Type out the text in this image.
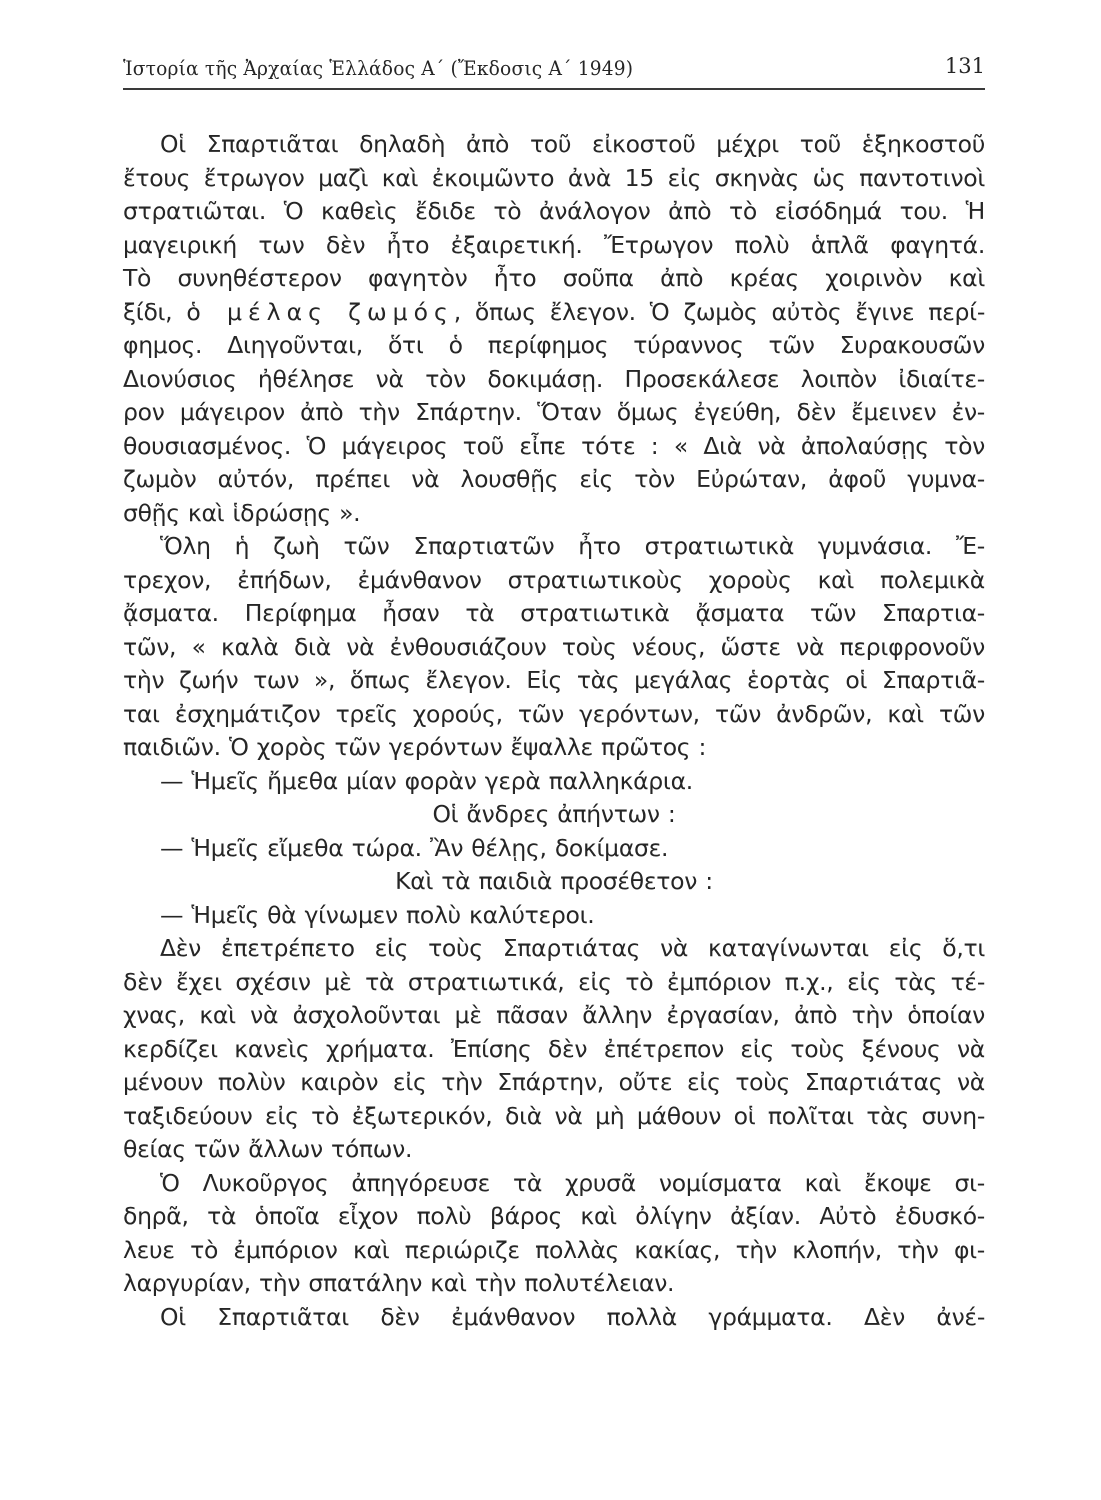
Ἱστορία τῆς Ἀρχαίας Ἑλλάδος Α΄ (Ἔκδοσις Α΄ 1949)	131
Οἱ Σπαρτιᾶται δηλαδὴ ἀπὸ τοῦ εἰκοστοῦ μέχρι τοῦ ἑξηκοστοῦ
ἔτους ἔτρωγον μαζὶ καὶ ἐκοιμῶντο ἀνὰ 15 εἰς σκηνὰς ὡς παντοτινοὶ
στρατιῶται. Ὁ καθεὶς ἔδιδε τὸ ἀνάλογον ἀπὸ τὸ εἰσόδημά του. Ἡ
μαγειρική των δὲν ἦτο ἐξαιρετική. Ἔτρωγον πολὺ ἁπλᾶ φαγητά.
Τὸ συνηθέστερον φαγητὸν ἦτο σοῦπα ἀπὸ κρέας χοιρινὸν καὶ
ξίδι, ὁ μέλας ζωμός, ὅπως ἔλεγον. Ὁ ζωμὸς αὐτὸς ἔγινε περί-
φημος. Διηγοῦνται, ὅτι ὁ περίφημος τύραννος τῶν Συρακουσῶν
Διονύσιος ἠθέλησε νὰ τὸν δοκιμάσῃ. Προσεκάλεσε λοιπὸν ἰδιαίτε-
ρον μάγειρον ἀπὸ τὴν Σπάρτην. Ὅταν ὅμως ἐγεύθη, δὲν ἔμεινεν ἐν-
θουσιασμένος. Ὁ μάγειρος τοῦ εἶπε τότε : « Διὰ νὰ ἀπολαύσῃς τὸν
ζωμὸν αὐτόν, πρέπει νὰ λουσθῇς εἰς τὸν Εὐρώταν, ἀφοῦ γυμνα-
σθῇς καὶ ἱδρώσῃς ».
Ὅλη ἡ ζωὴ τῶν Σπαρτιατῶν ἦτο στρατιωτικὰ γυμνάσια. Ἔ-
τρεχον, ἐπήδων, ἐμάνθανον στρατιωτικοὺς χοροὺς καὶ πολεμικὰ
ᾄσματα. Περίφημα ἦσαν τὰ στρατιωτικὰ ᾄσματα τῶν Σπαρτια-
τῶν, « καλὰ διὰ νὰ ἐνθουσιάζουν τοὺς νέους, ὥστε νὰ περιφρονοῦν
τὴν ζωήν των », ὅπως ἔλεγον. Εἰς τὰς μεγάλας ἑορτὰς οἱ Σπαρτιᾶ-
ται ἐσχημάτιζον τρεῖς χορούς, τῶν γερόντων, τῶν ἀνδρῶν, καὶ τῶν
παιδιῶν. Ὁ χορὸς τῶν γερόντων ἔψαλλε πρῶτος :
— Ἡμεῖς ἤμεθα μίαν φορὰν γερὰ παλληκάρια.
Οἱ ἄνδρες ἀπήντων :
— Ἡμεῖς εἴμεθα τώρα. Ἂν θέλῃς, δοκίμασε.
Καὶ τὰ παιδιὰ προσέθετον :
— Ἡμεῖς θὰ γίνωμεν πολὺ καλύτεροι.
Δὲν ἐπετρέπετο εἰς τοὺς Σπαρτιάτας νὰ καταγίνωνται εἰς ὅ,τι
δὲν ἔχει σχέσιν μὲ τὰ στρατιωτικά, εἰς τὸ ἐμπόριον π.χ., εἰς τὰς τέ-
χνας, καὶ νὰ ἀσχολοῦνται μὲ πᾶσαν ἄλλην ἐργασίαν, ἀπὸ τὴν ὁποίαν
κερδίζει κανεὶς χρήματα. Ἐπίσης δὲν ἐπέτρεπον εἰς τοὺς ξένους νὰ
μένουν πολὺν καιρὸν εἰς τὴν Σπάρτην, οὔτε εἰς τοὺς Σπαρτιάτας νὰ
ταξιδεύουν εἰς τὸ ἐξωτερικόν, διὰ νὰ μὴ μάθουν οἱ πολῖται τὰς συνη-
θείας τῶν ἄλλων τόπων.
Ὁ Λυκοῦργος ἀπηγόρευσε τὰ χρυσᾶ νομίσματα καὶ ἔκοψε σι-
δηρᾶ, τὰ ὁποῖα εἶχον πολὺ βάρος καὶ ὀλίγην ἀξίαν. Αὐτὸ ἐδυσκό-
λευε τὸ ἐμπόριον καὶ περιώριζε πολλὰς κακίας, τὴν κλοπήν, τὴν φι-
λαργυρίαν, τὴν σπατάλην καὶ τὴν πολυτέλειαν.
Οἱ Σπαρτιᾶται δὲν ἐμάνθανον πολλὰ γράμματα. Δὲν ἀνέ-
